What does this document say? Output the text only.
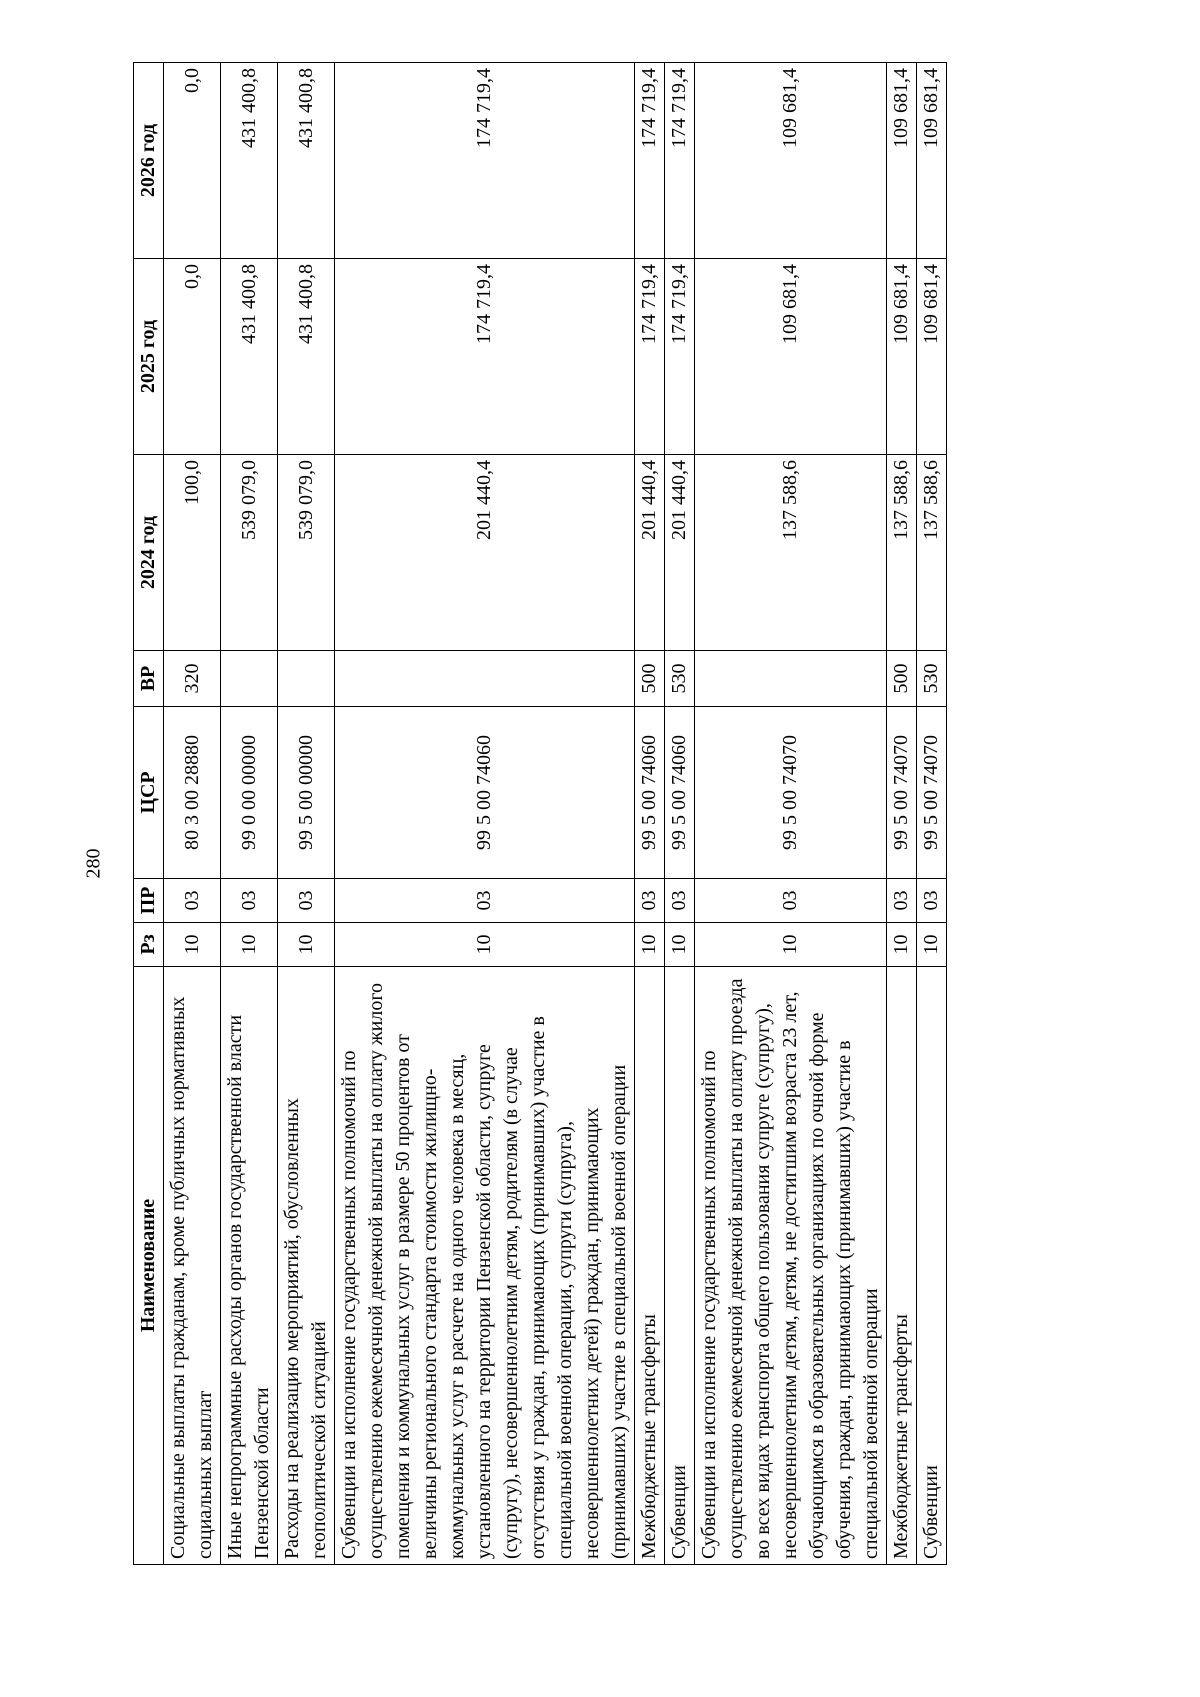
280
Наименование	Рз	ПР	ЦСР	ВР	2024 год	2025 год	2026 год
Социальные выплаты гражданам, кроме публичных нормативных социальных выплат	10	03	80 3 00 28880	320	100,0	0,0	0,0
Иные непрограммные расходы органов государственной власти Пензенской области	10	03	99 0 00 00000		539 079,0	431 400,8	431 400,8
Расходы на реализацию мероприятий, обусловленных геополитической ситуацией	10	03	99 5 00 00000		539 079,0	431 400,8	431 400,8
Субвенции на исполнение государственных полномочий по осуществлению ежемесячной денежной выплаты на оплату жилого помещения и коммунальных услуг в размере 50 процентов от величины регионального стандарта стоимости жилищно-коммунальных услуг в расчете на одного человека в месяц, установленного на территории Пензенской области, супруге (супругу), несовершеннолетним детям, родителям (в случае отсутствия у граждан, принимающих (принимавших) участие в специальной военной операции, супруги (супруга), несовершеннолетних детей) граждан, принимающих (принимавших) участие в специальной военной операции	10	03	99 5 00 74060		201 440,4	174 719,4	174 719,4
Межбюджетные трансферты	10	03	99 5 00 74060	500	201 440,4	174 719,4	174 719,4
Субвенции	10	03	99 5 00 74060	530	201 440,4	174 719,4	174 719,4
Субвенции на исполнение государственных полномочий по осуществлению ежемесячной денежной выплаты на оплату проезда во всех видах транспорта общего пользования супруге (супругу), несовершеннолетним детям, детям, не достигшим возраста 23 лет, обучающимся в образовательных организациях по очной форме обучения, граждан, принимающих (принимавших) участие в специальной военной операции	10	03	99 5 00 74070		137 588,6	109 681,4	109 681,4
Межбюджетные трансферты	10	03	99 5 00 74070	500	137 588,6	109 681,4	109 681,4
Субвенции	10	03	99 5 00 74070	530	137 588,6	109 681,4	109 681,4
